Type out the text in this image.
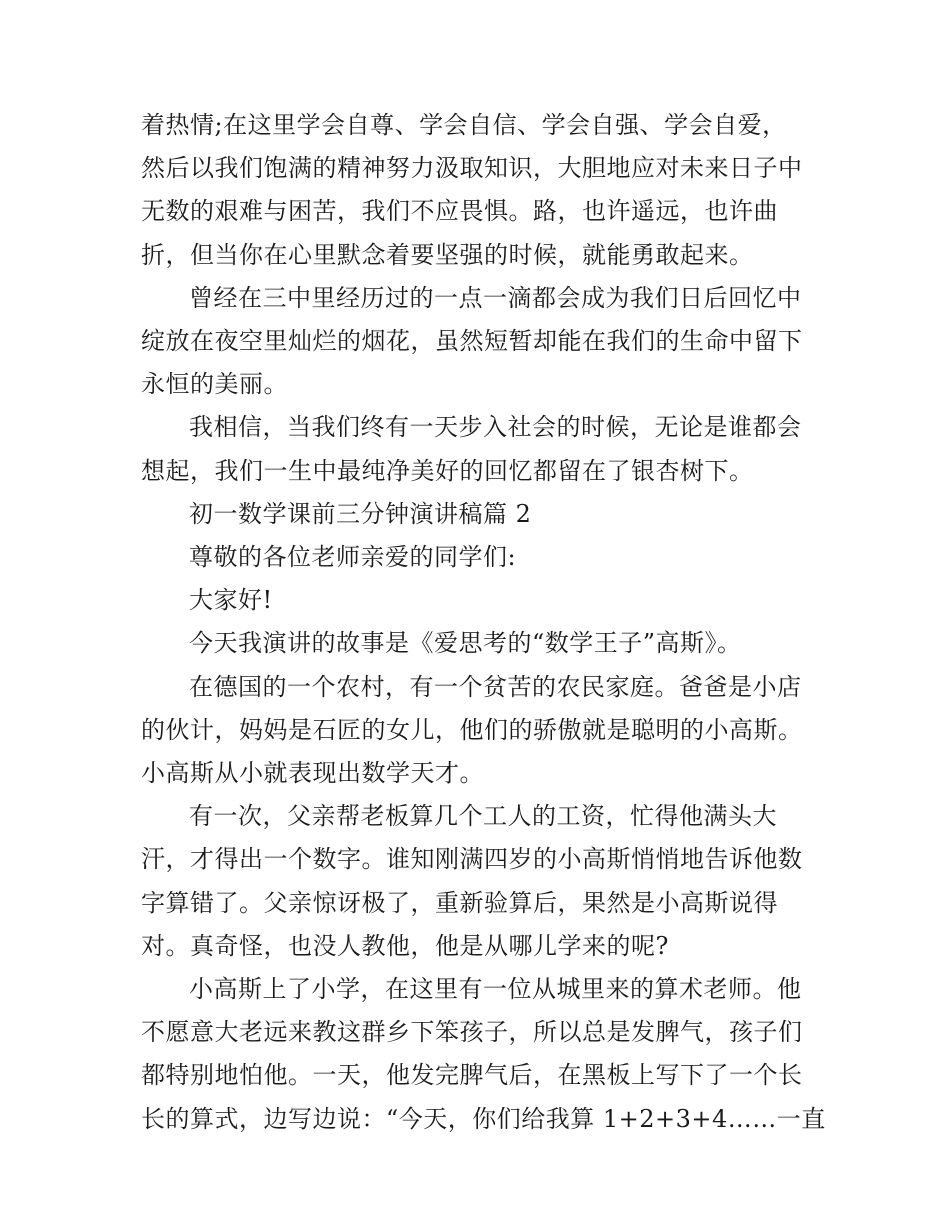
着热情;在这里学会自尊、学会自信、学会自强、学会自爱，
然后以我们饱满的精神努力汲取知识，大胆地应对未来日子中
无数的艰难与困苦，我们不应畏惧。路，也许遥远，也许曲
折，但当你在心里默念着要坚强的时候，就能勇敢起来。

曾经在三中里经历过的一点一滴都会成为我们日后回忆中
绽放在夜空里灿烂的烟花，虽然短暂却能在我们的生命中留下
永恒的美丽。

我相信，当我们终有一天步入社会的时候，无论是谁都会
想起，我们一生中最纯净美好的回忆都留在了银杏树下。

初一数学课前三分钟演讲稿篇 2

尊敬的各位老师亲爱的同学们:

大家好!

今天我演讲的故事是《爱思考的“数学王子”高斯》。

在德国的一个农村，有一个贫苦的农民家庭。爸爸是小店
的伙计，妈妈是石匠的女儿，他们的骄傲就是聪明的小高斯。
小高斯从小就表现出数学天才。

有一次，父亲帮老板算几个工人的工资，忙得他满头大
汗，才得出一个数字。谁知刚满四岁的小高斯悄悄地告诉他数
字算错了。父亲惊讶极了，重新验算后，果然是小高斯说得
对。真奇怪，也没人教他，他是从哪儿学来的呢?

小高斯上了小学，在这里有一位从城里来的算术老师。他
不愿意大老远来教这群乡下笨孩子，所以总是发脾气，孩子们
都特别地怕他。一天，他发完脾气后，在黑板上写下了一个长
长的算式，边写边说：“今天，你们给我算 1+2+3+4……一直
